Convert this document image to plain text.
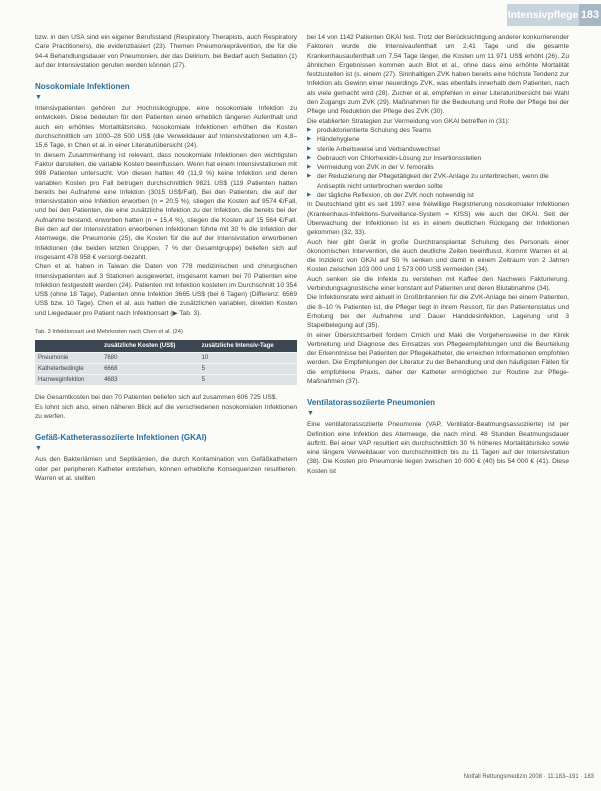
Intensivpflege 183

bzw. in den USA sind ein eigener Berufsstand (Respiratory Therapists, auch Respiratory Care Practitioners), die evidenzbasiert (23). Themen Pneumonieprävention, die für die 94-4 Behandlungsdauer von Pneumonien, der das Delirium, bei Bedarf auch Sedation (1) auf der Intensivstation gerufen werden können (27).

Nosokomiale Infektionen
▼

Intensivpatienten gehören zur Hochrisikogruppe, eine nosokomiale Infektion zu entwickeln. Diese bedeuten für den Patienten einen erheblich längeren Aufenthalt und auch ein erhöhtes Mortalitätsrisiko. Nosokomiale Infektionen erhöhen die Kosten durchschnittlich um 1000–28 500 US$ (die Verweildauer auf Intensivstationen um 4,8–15,6 Tage, in Chen et al. in einer Literaturübersicht (24).

In diesem Zusammenhang ist relevant, dass nosokomiale Infektionen den wichtigsten Faktor darstellen, die variable Kosten beeinflussen. Wenn hat einem Intensivstationen mit 998 Patienten untersucht. Von diesen hatten 49 (11,9 %) keine Infektion und deren variablen Kosten pro Fall betrugen durchschnittlich 9821 US$ (119 Patienten hatten bereits bei Aufnahme eine Infektion (3015 US$/Fall). Bei den Patienten, die auf der Intensivstation eine Infektion erworben (n = 20,5 %), stiegen die Kosten auf 9574 €/Fall, und bei den Patienten, die eine zusätzliche Infektion zu der Infektion, die bereits bei der Aufnahme bestand, erworben hatten (n = 15,4 %), stiegen die Kosten auf 15 564 €/Fall. Bei den auf der Intensivstation erworbenen Infektionen führte mit 30 % die Infektion der Atemwege, die Pneumonie (25), die Kosten für die auf der Intensivstation erworbenen Infektionen (die beiden letzten Gruppen, 7 % der Gesamtgruppe) beliefen sich auf insgesamt 478 958 € versorgt-bezahlt.

Chen et al. haben in Taiwan die Daten von 778 medizinischen und chirurgischen Intensivpatienten auf 3 Stationen ausgewertet, insgesamt kamen bei 70 Patienten eine Infektion festgestellt werden (24). Patienten mit Infektion kosteten im Durchschnitt 10 354 US$ (ohne 18 Tage), Patienten ohne Infektion 3665 US$ (bei 6 Tagen) (Differenz: 6569 US$ bzw. 10 Tage). Chen et al. aus hatten die zusätzlichen variablen, direkten Kosten und Liegedauer pro Patient nach Infektionsart (▶ Tab. 3).

Tab. 3 Infektionsart und Mehrkosten nach Chen et al. (24)
	zusätzliche Kosten (US$)	zusätzliche Intensiv-Tage
Pneumonie	7680	10
Katheterbedingte	6668	5
Harnweginfektion	4683	5

Die Gesamtkosten bei den 70 Patienten beliefen sich auf zusammen 606 725 US$.

Es lohnt sich also, einen näheren Blick auf die verschiedenen nosokomialen Infektionen zu werfen.

Gefäß-Katheterassoziierte Infektionen (GKAI)
▼

Aus den Bakteriämien und Septikämien, die durch Kontamination von Gefäßkathetern oder per peripheren Katheter entstehen, können erhebliche Konsequenzen resultieren. Warren et al. stellten

bei 14 von 1142 Patienten GKAI fest. Trotz der Berücksichtigung anderer konkurrierender Faktoren wurde die Intensivaufenthalt um 2,41 Tage und die gesamte Krankenhausaufenthalt um 7,54 Tage länger, die Kosten um 11 971 US$ erhöht (26). Zu ähnlichen Ergebnissen kommen auch Blot et al., ohne dass eine erhöhte Mortalität festzustellen ist (s. einem (27). Sinnhaltigen ZVK haben bereits eine höchste Tendenz zur Infektion als Gewinn einer neuerdings ZVK, was ebenfalls innerhalb dem Patienten, nach als viele gemacht wird (28). Zucher et al. empfehlen in einer Literaturübersicht bei Wahl den Zugangs zum ZVK (29). Maßnahmen für die Bedeutung und Rolle der Pflege bei der Pflege und Reduktion der Pflege des ZVK (30).

Die etablierten Strategien zur Vermeidung von GKAI betreffen in (31):

▶ produktorientierte Schulung des Teams
▶ Händehygiene
▶ sterile Arbeitsweise und Verbandswechsel
▶ Gebrauch von Chlorhexidin-Lösung zur Insertionsstellen
▶ Vermeidung von ZVK in der V. femoralis
▶ der Reduzierung der Pflegetätigkeit der ZVK-Anlage zu unterbrechen, wenn die Antiseptik nicht unterbrochen werden sollte
▶ der tägliche Reflexion, ob der ZVK noch notwendig ist

In Deutschland gibt es seit 1997 eine freiwillige Registrierung nosokomialer Infektionen (Krankenhaus-Infektions-Surveillance-System = KISS) wie auch der GKAI. Seit der Überwachung der Infektionen ist es in einem deutlichen Rückgang der Infektionen gekommen (32, 33).

Auch hier gibt Gerät in große Durchtransplantat Schulung des Personals einer ökonomischen Intervention, die auch deutliche Zeiten beeinflusst. Kommt Warren et al. die Inzidenz von GKAI auf 50 % senken und damit in einem Zeitraum von 2 Jahren Kosten zwischen 103 000 und 1 573 000 US$ vermeiden (34).

Auch senken sie die Infekte zu verstehen mit Kaffee den Nachweis Fakturierung. Verbindungsagnostische einer konstant auf Patienten und deren Blutabnahme (34).

Die Infektionsrate wird aktuell in Großbritannien für die ZVK-Anlage bei einem Patienten, die 8–10 % Patienten ist, die Pfleger liegt in ihrem Ressort, für den Patientenstatus und Erholung bei der Aufnahme und Dauer Handdesinfektion, Lagerung und 3 Stapelbelegung auf (35).

In einer Übersichtsarbeit fordern Crnich und Maki die Vorgehensweise in der Klinik Verbreitung und Diagnose des Einsatzes von Pflegeempfehlungen und die Beurteilung der Erkenntnisse bei Patienten der Pflegekatheter, die erreichen Informationen empfohlen werden. Die Empfehlungen der Literatur zu der Behandlung und den häufigsten Fällen für die empfohlene Praxis, daher der Katheter ermöglichen zur Routine zur Pflege-Maßnahmen (37).

Ventilatorassoziierte Pneumonien
▼

Eine ventilatorassoziierte Pneumonie (VAP, Ventilator-Beatmungsassoziierte) ist per Definition eine Infektion des Atemwege, die nach mind. 48 Stunden Beatmungsdauer auftritt. Bei einer VAP resultiert ein durchschnittlich 30 % höheres Mortalitätsrisiko sowie eine längere Verweildauer von durchschnittlich bis zu 11 Tagen auf der Intensivstation (38). Die Kosten pro Pneumonie liegen zwischen 10 000 € (40) bis 54 000 € (41). Diese Kosten ist

Notfall Rettungsmedizin 2008 · 11:183–191 · 183
